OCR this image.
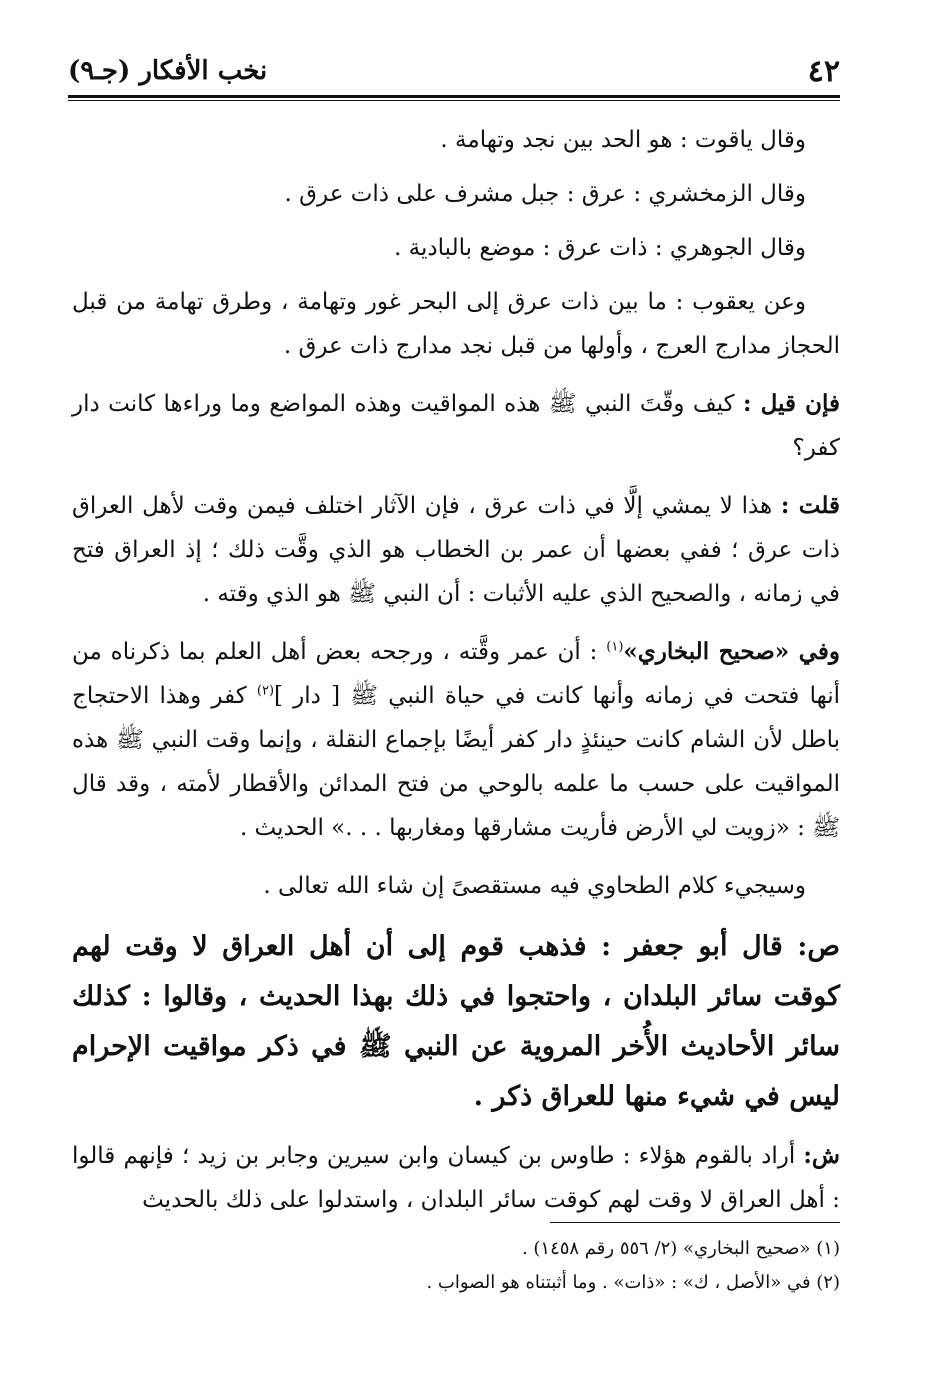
٤٢
نخب الأفكار (جـ٩)

وقال ياقوت : هو الحد بين نجد وتهامة .

وقال الزمخشري : عرق : جبل مشرف على ذات عرق .

وقال الجوهري : ذات عرق : موضع بالبادية .

وعن يعقوب : ما بين ذات عرق إلى البحر غور وتهامة ، وطرق تهامة من قبل الحجاز مدارج العرج ، وأولها من قبل نجد مدارج ذات عرق .

فإن قيل : كيف وقّتَ النبي ﷺ هذه المواقيت وهذه المواضع وما وراءها كانت دار كفر؟

قلت : هذا لا يمشي إلَّا في ذات عرق ، فإن الآثار اختلف فيمن وقت لأهل العراق ذات عرق ؛ ففي بعضها أن عمر بن الخطاب هو الذي وقَّت ذلك ؛ إذ العراق فتح في زمانه ، والصحيح الذي عليه الأثبات : أن النبي ﷺ هو الذي وقته .

وفي «صحيح البخاري»$^{(١)}$ : أن عمر وقَّته ، ورجحه بعض أهل العلم بما ذكرناه من أنها فتحت في زمانه وأنها كانت في حياة النبي ﷺ [ دار ]$^{(٢)}$ كفر وهذا الاحتجاج باطل لأن الشام كانت حينئذٍ دار كفر أيضًا بإجماع النقلة ، وإنما وقت النبي ﷺ هذه المواقيت على حسب ما علمه بالوحي من فتح المدائن والأقطار لأمته ، وقد قال ﷺ : «زويت لي الأرض فأريت مشارقها ومغاربها . . .» الحديث .

وسيجيء كلام الطحاوي فيه مستقصىً إن شاء الله تعالى .

ص: قال أبو جعفر : فذهب قوم إلى أن أهل العراق لا وقت لهم كوقت سائر البلدان ، واحتجوا في ذلك بهذا الحديث ، وقالوا : كذلك سائر الأحاديث الأُخر المروية عن النبي ﷺ في ذكر مواقيت الإحرام ليس في شيء منها للعراق ذكر .

ش: أراد بالقوم هؤلاء : طاوس بن كيسان وابن سيرين وجابر بن زيد ؛ فإنهم قالوا : أهل العراق لا وقت لهم كوقت سائر البلدان ، واستدلوا على ذلك بالحديث

(١) «صحيح البخاري» (٢/ ٥٥٦ رقم ١٤٥٨) .

(٢) في «الأصل ، ك» : «ذات» . وما أثبتناه هو الصواب .
